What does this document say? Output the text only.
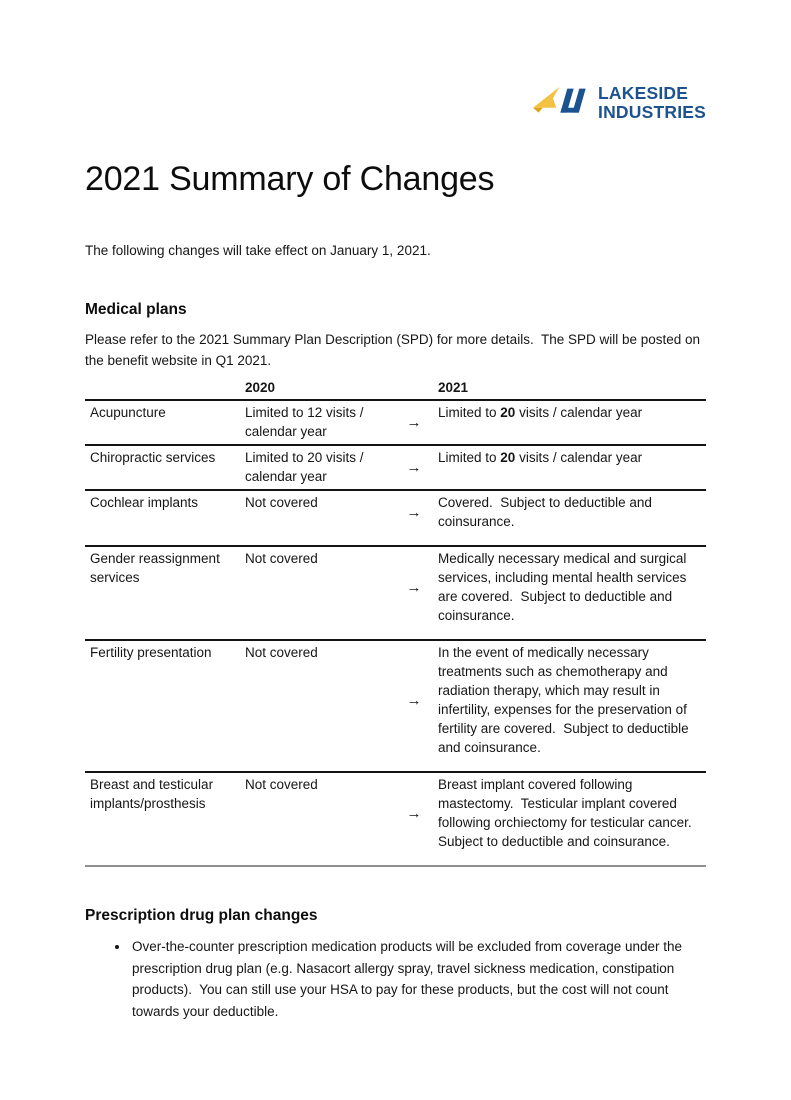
LAKESIDE
INDUSTRIES
2021 Summary of Changes

The following changes will take effect on January 1, 2021.

Medical plans

Please refer to the 2021 Summary Plan Description (SPD) for more details.  The SPD will be posted on the benefit website in Q1 2021.

	2020		2021
Acupuncture	Limited to 12 visits / calendar year	→	Limited to 20 visits / calendar year
Chiropractic services	Limited to 20 visits / calendar year	→	Limited to 20 visits / calendar year
Cochlear implants	Not covered	→	Covered.  Subject to deductible and coinsurance.
Gender reassignment services	Not covered	→	Medically necessary medical and surgical services, including mental health services are covered.  Subject to deductible and coinsurance.
Fertility presentation	Not covered	→	In the event of medically necessary treatments such as chemotherapy and radiation therapy, which may result in infertility, expenses for the preservation of fertility are covered.  Subject to deductible and coinsurance.
Breast and testicular implants/prosthesis	Not covered	→	Breast implant covered following mastectomy.  Testicular implant covered following orchiectomy for testicular cancer.  Subject to deductible and coinsurance.
Prescription drug plan changes
• Over-the-counter prescription medication products will be excluded from coverage under the prescription drug plan (e.g. Nasacort allergy spray, travel sickness medication, constipation products).  You can still use your HSA to pay for these products, but the cost will not count towards your deductible.
